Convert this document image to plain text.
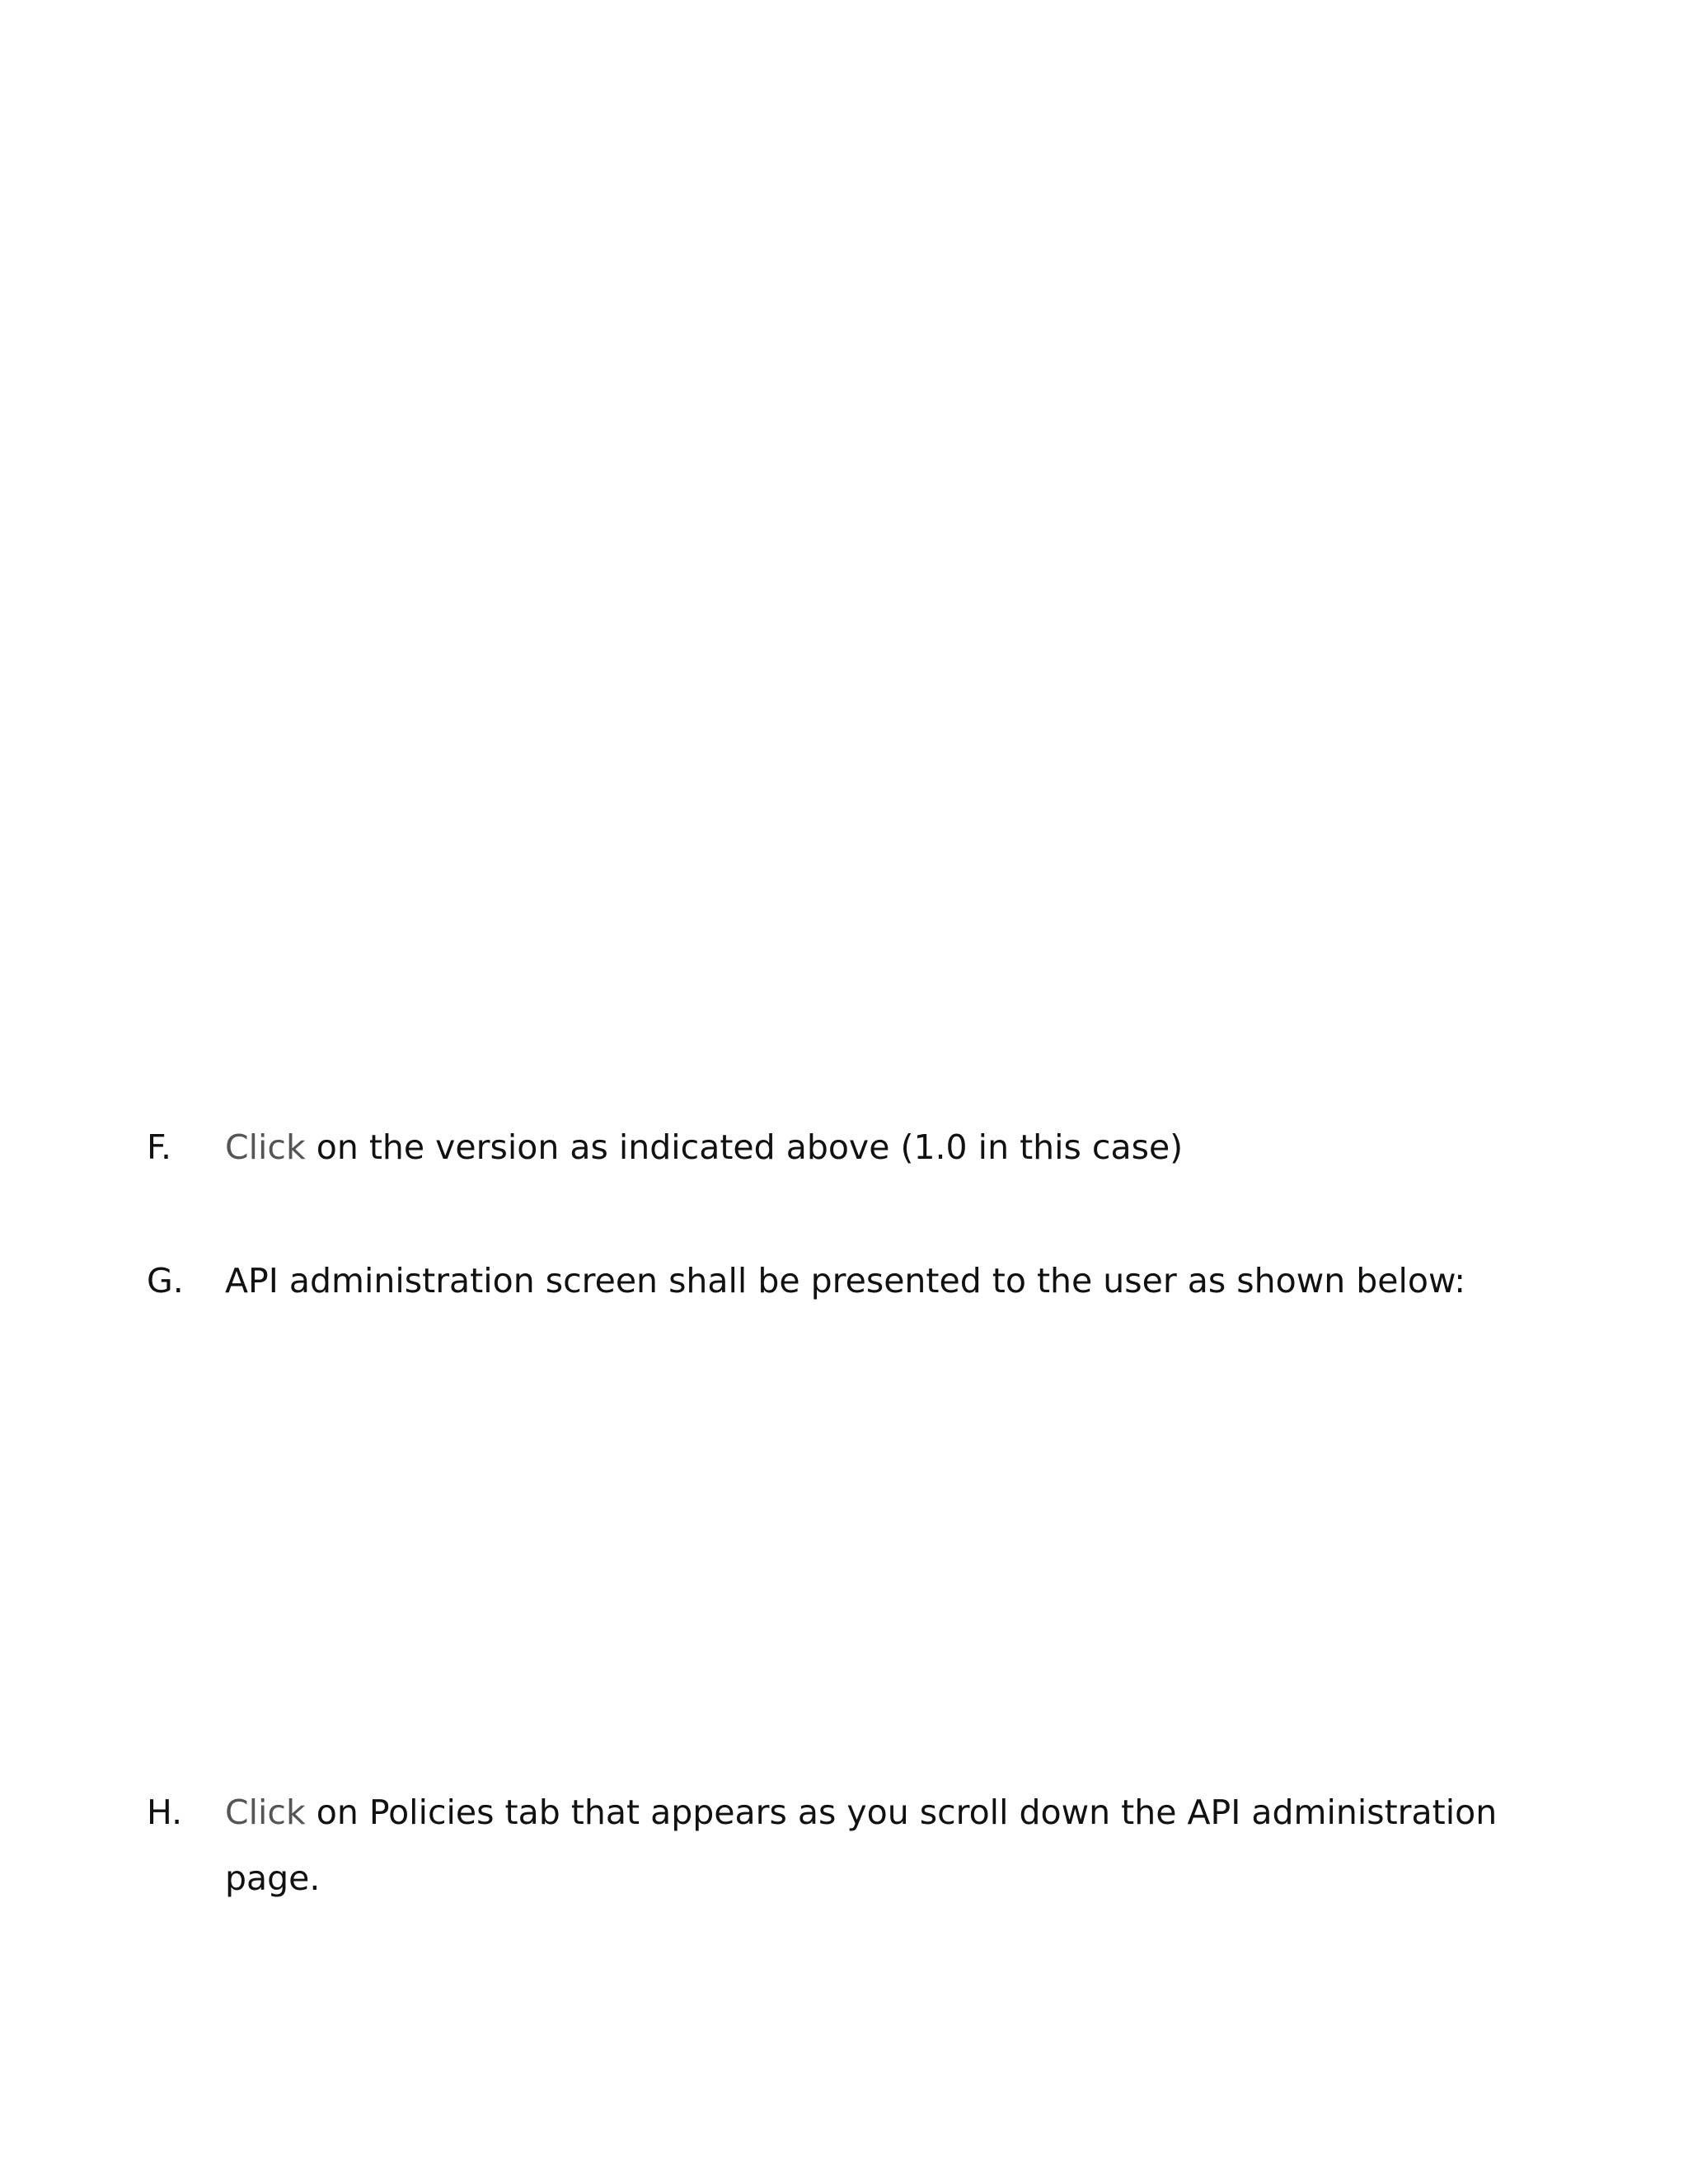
F.	Click on the version as indicated above (1.0 in this case)
G.	API administration screen shall be presented to the user as shown below:
H.	Click on Policies tab that appears as you scroll down the API administration page.
